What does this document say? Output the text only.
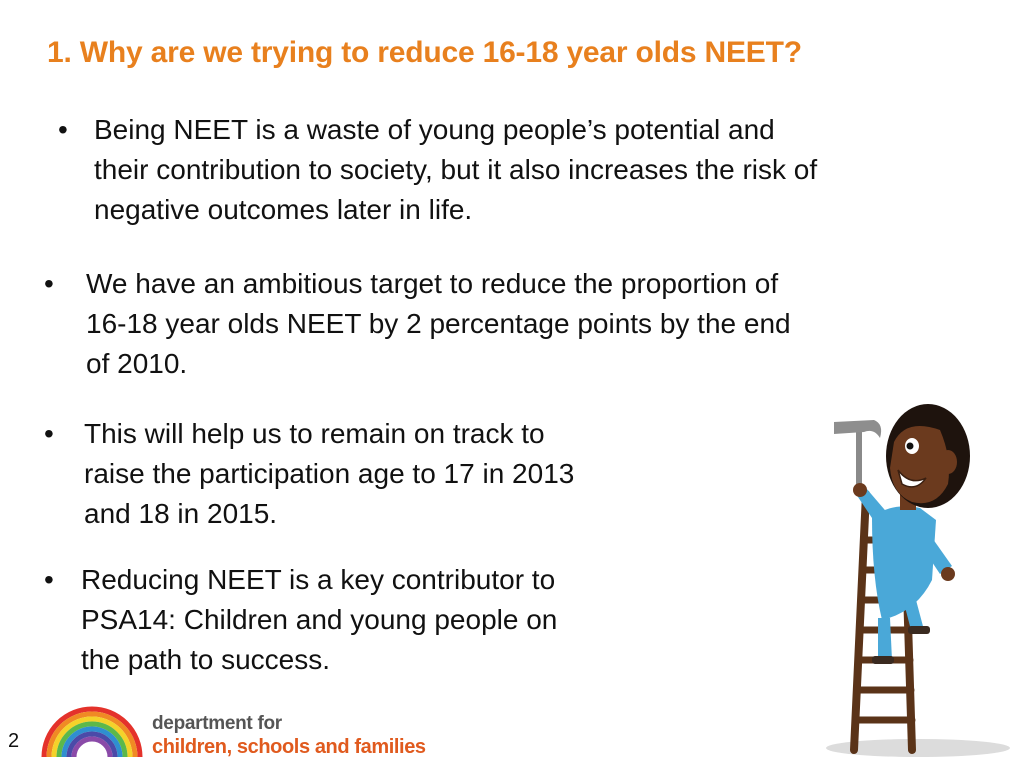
1. Why are we trying to reduce 16-18 year olds NEET?
• Being NEET is a waste of young people’s potential and
their contribution to society, but it also increases the risk of
negative outcomes later in life.
• We have an ambitious target to reduce the proportion of
16-18 year olds NEET by 2 percentage points by the end
of 2010.
• This will help us to remain on track to
raise the participation age to 17 in 2013
and 18 in 2015.
• Reducing NEET is a key contributor to
PSA14: Children and young people on
the path to success.
2
department for
children, schools and families
